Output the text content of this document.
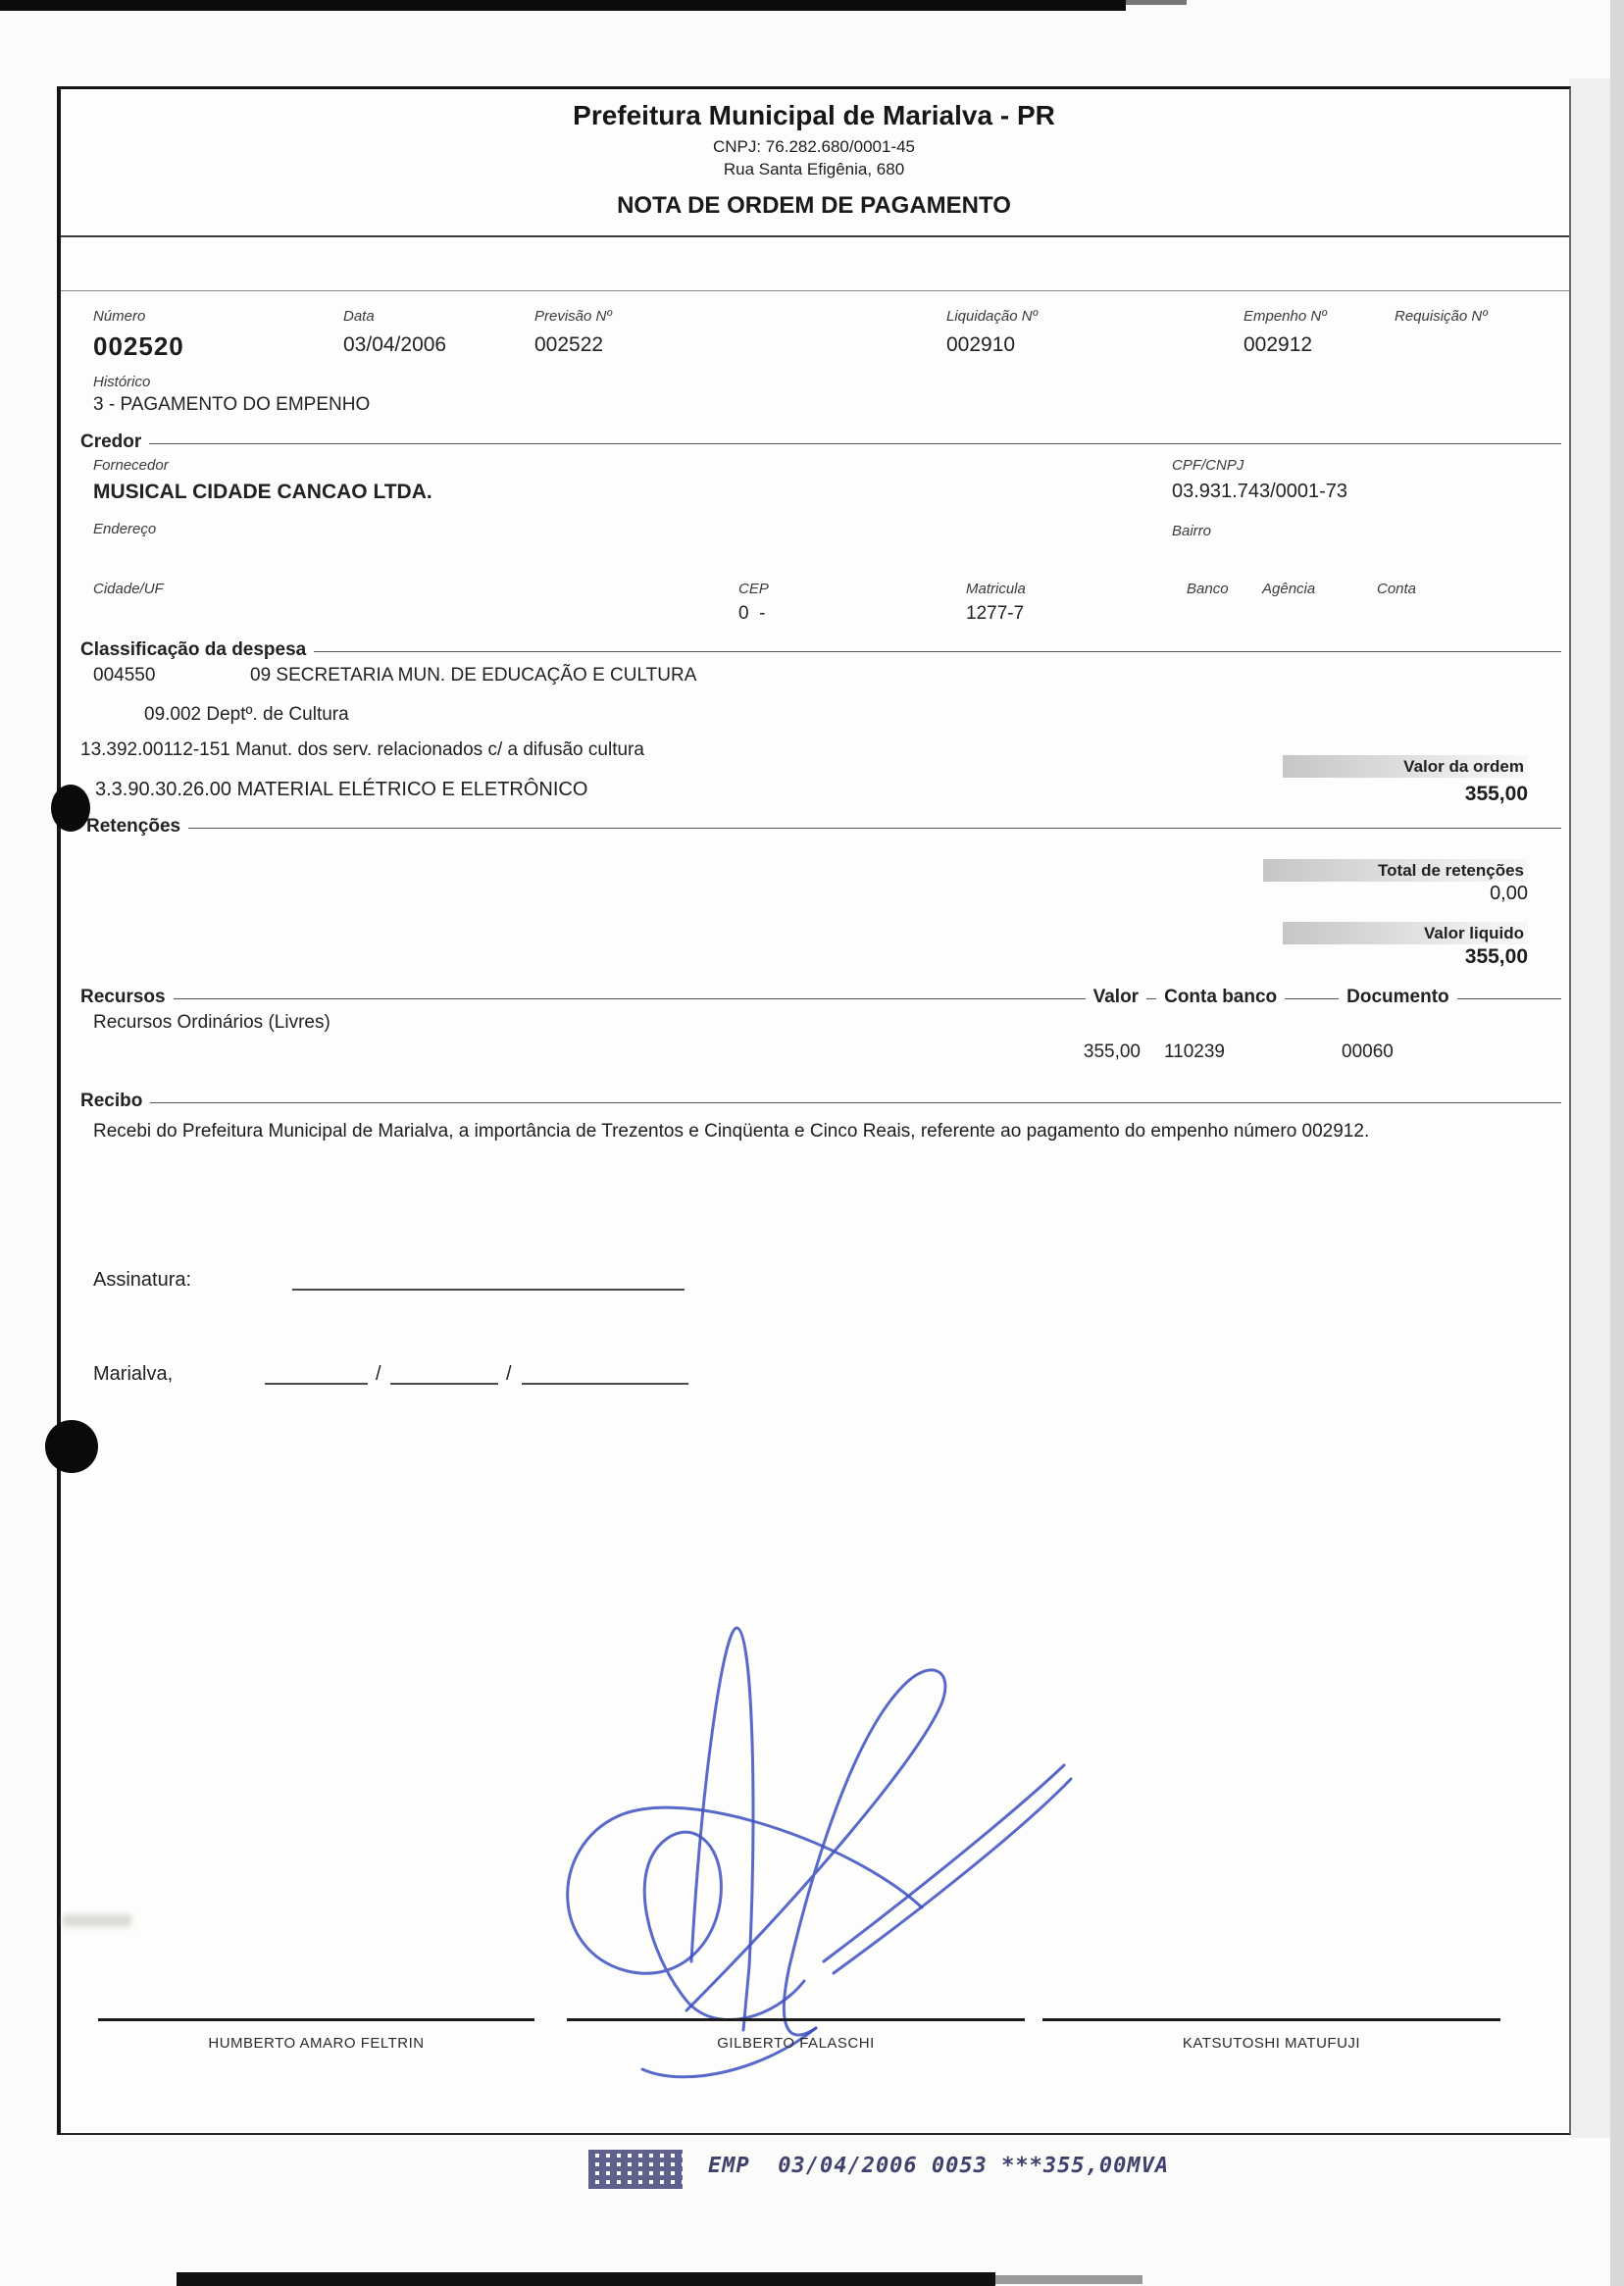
Prefeitura Municipal de Marialva - PR
CNPJ: 76.282.680/0001-45
Rua Santa Efigênia, 680
NOTA DE ORDEM DE PAGAMENTO
Número
002520
Data
03/04/2006
Previsão Nº
002522
Liquidação Nº
002910
Empenho Nº
002912
Requisição Nº
Histórico
3 - PAGAMENTO DO EMPENHO
Credor
Fornecedor
MUSICAL CIDADE CANCAO LTDA.
CPF/CNPJ
03.931.743/0001-73
Endereço	Bairro
Cidade/UF	CEP
0  -
Matricula
1277-7
Banco Agência	Conta
Classificação da despesa
004550	09 SECRETARIA MUN. DE EDUCAÇÃO E CULTURA
09.002 Deptº. de Cultura
13.392.00112-151 Manut. dos serv. relacionados c/ a difusão cultura
3.3.90.30.26.00 MATERIAL ELÉTRICO E ELETRÔNICO
Valor da ordem
355,00
Retenções
Total de retenções
0,00
Valor liquido
355,00
Recursos	Valor Conta banco	Documento
Recursos Ordinários (Livres)
355,00 110239	00060
Recibo
Recebi do Prefeitura Municipal de Marialva, a importância de Trezentos e Cinqüenta e Cinco Reais, referente ao pagamento do empenho número 002912.
Assinatura:
Marialva,	/	/
HUMBERTO AMARO FELTRIN	GILBERTO FALASCHI	KATSUTOSHI MATUFUJI
EMP  03/04/2006 0053 ***355,00MVA
